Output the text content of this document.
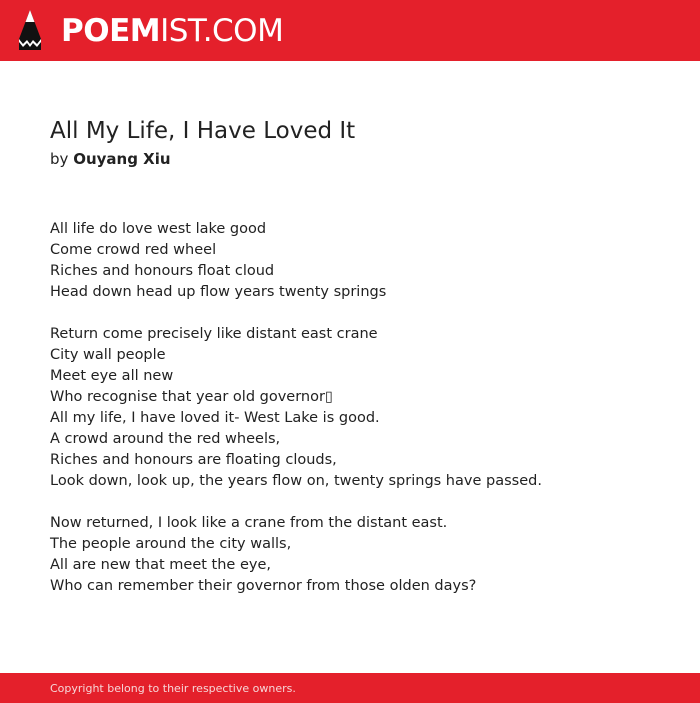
POEMIST.COM
All My Life, I Have Loved It
by Ouyang Xiu
All life do love west lake good
Come crowd red wheel
Riches and honours float cloud
Head down head up flow years twenty springs
Return come precisely like distant east crane
City wall people
Meet eye all new
Who recognise that year old governor▯
All my life, I have loved it- West Lake is good.
A crowd around the red wheels,
Riches and honours are floating clouds,
Look down, look up, the years flow on, twenty springs have passed.
Now returned, I look like a crane from the distant east.
The people around the city walls,
All are new that meet the eye,
Who can remember their governor from those olden days?
Copyright belong to their respective owners.
